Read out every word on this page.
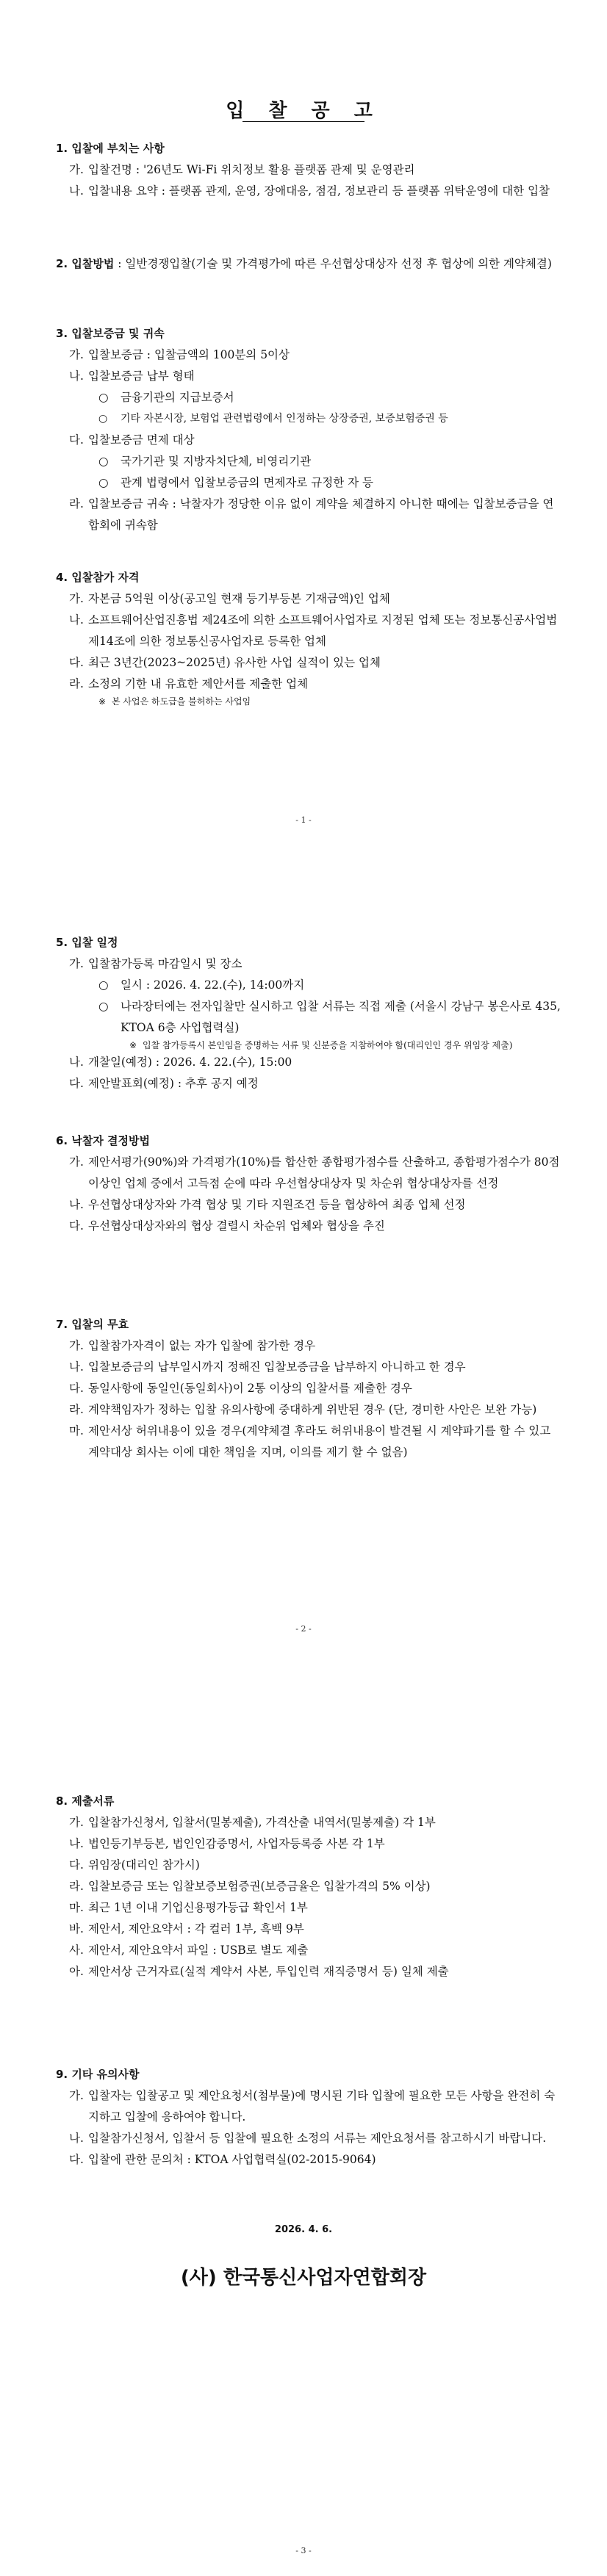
입 찰 공 고
1. 입찰에 부치는 사항
가. 입찰건명 : '26년도 Wi-Fi 위치정보 활용 플랫폼 관제 및 운영관리
나. 입찰내용 요약 : 플랫폼 관제, 운영, 장애대응, 점검, 정보관리 등 플랫폼 위탁운영에 대한 입찰
2. 입찰방법 : 일반경쟁입찰(기술 및 가격평가에 따른 우선협상대상자 선정 후 협상에 의한 계약체결)
3. 입찰보증금 및 귀속
가. 입찰보증금 : 입찰금액의 100분의 5이상
나. 입찰보증금 납부 형태
○	금융기관의 지급보증서
○	기타 자본시장, 보험업 관련법령에서 인정하는 상장증권, 보증보험증권 등
다. 입찰보증금 면제 대상
○	국가기관 및 지방자치단체, 비영리기관
○	관계 법령에서 입찰보증금의 면제자로 규정한 자 등
라. 입찰보증금 귀속 : 낙찰자가 정당한 이유 없이 계약을 체결하지 아니한 때에는 입찰보증금을 연합회에 귀속함
4. 입찰참가 자격
가. 자본금 5억원 이상(공고일 현재 등기부등본 기재금액)인 업체
나. 소프트웨어산업진흥법 제24조에 의한 소프트웨어사업자로 지정된 업체 또는 정보통신공사업법 제14조에 의한 정보통신공사업자로 등록한 업체
다. 최근 3년간(2023~2025년) 유사한 사업 실적이 있는 업체
라. 소정의 기한 내 유효한 제안서를 제출한 업체
※ 본 사업은 하도급을 불허하는 사업임
- 1 -
5. 입찰 일정
가. 입찰참가등록 마감일시 및 장소
○	일시 : 2026. 4. 22.(수), 14:00까지
○	나라장터에는 전자입찰만 실시하고 입찰 서류는 직접 제출 (서울시 강남구 봉은사로 435, KTOA 6층 사업협력실)
※ 입찰 참가등록시 본인임을 증명하는 서류 및 신분증을 지참하여야 함(대리인인 경우 위임장 제출)
나. 개찰일(예정) : 2026. 4. 22.(수), 15:00
다. 제안발표회(예정) : 추후 공지 예정
6. 낙찰자 결정방법
가. 제안서평가(90%)와 가격평가(10%)를 합산한 종합평가점수를 산출하고, 종합평가점수가 80점 이상인 업체 중에서 고득점 순에 따라 우선협상대상자 및 차순위 협상대상자를 선정
나. 우선협상대상자와 가격 협상 및 기타 지원조건 등을 협상하여 최종 업체 선정
다. 우선협상대상자와의 협상 결렬시 차순위 업체와 협상을 추진
7. 입찰의 무효
가. 입찰참가자격이 없는 자가 입찰에 참가한 경우
나. 입찰보증금의 납부일시까지 정해진 입찰보증금을 납부하지 아니하고 한 경우
다. 동일사항에 동일인(동일회사)이 2통 이상의 입찰서를 제출한 경우
라. 계약책임자가 정하는 입찰 유의사항에 중대하게 위반된 경우 (단, 경미한 사안은 보완 가능)
마. 제안서상 허위내용이 있을 경우(계약체결 후라도 허위내용이 발견될 시 계약파기를 할 수 있고 계약대상 회사는 이에 대한 책임을 지며, 이의를 제기 할 수 없음)
- 2 -
8. 제출서류
가. 입찰참가신청서, 입찰서(밀봉제출), 가격산출 내역서(밀봉제출) 각 1부
나. 법인등기부등본, 법인인감증명서, 사업자등록증 사본 각 1부
다. 위임장(대리인 참가시)
라. 입찰보증금 또는 입찰보증보험증권(보증금율은 입찰가격의 5% 이상)
마. 최근 1년 이내 기업신용평가등급 확인서 1부
바. 제안서, 제안요약서 : 각 컬러 1부, 흑백 9부
사. 제안서, 제안요약서 파일 : USB로 별도 제출
아. 제안서상 근거자료(실적 계약서 사본, 투입인력 재직증명서 등) 일체 제출
9. 기타 유의사항
가. 입찰자는 입찰공고 및 제안요청서(첨부물)에 명시된 기타 입찰에 필요한 모든 사항을 완전히 숙지하고 입찰에 응하여야 합니다.
나. 입찰참가신청서, 입찰서 등 입찰에 필요한 소정의 서류는 제안요청서를 참고하시기 바랍니다.
다. 입찰에 관한 문의처 : KTOA 사업협력실(02-2015-9064)
2026. 4. 6.
(사) 한국통신사업자연합회장
- 3 -
